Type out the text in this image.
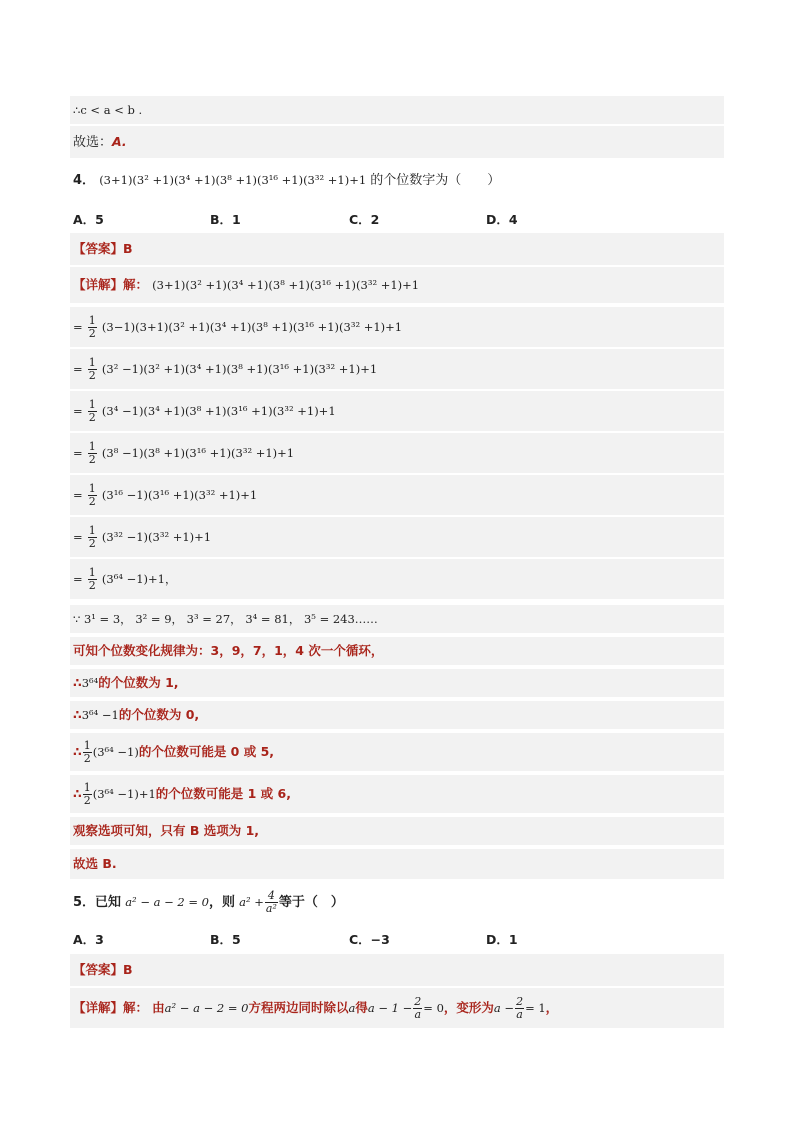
∴c < a < b .
故选：A.
4． (3+1)(3² +1)(3⁴ +1)(3⁸ +1)(3¹⁶ +1)(3³² +1)+1 的个位数字为（　　）
A．5	B．1	C．2	D．4
【答案】B
【详解】解： (3+1)(3² +1)(3⁴ +1)(3⁸ +1)(3¹⁶ +1)(3³² +1)+1
= $\frac{1}{2} (3-1)(3+1)(3^2 +1)(3^4 +1)(3^8 +1)(3^{16} +1)(3^{32} +1)+1$
= $\frac{1}{2} (3^2 -1)(3^2 +1)(3^4 +1)(3^8 +1)(3^{16} +1)(3^{32} +1)+1$
= $\frac{1}{2} (3^4 -1)(3^4 +1)(3^8 +1)(3^{16} +1)(3^{32} +1)+1$
= $\frac{1}{2} (3^8 -1)(3^8 +1)(3^{16} +1)(3^{32} +1)+1$
= $\frac{1}{2} (3^{16} -1)(3^{16} +1)(3^{32} +1)+1$
= $\frac{1}{2} (3^{32} -1)(3^{32} +1)+1$
= $\frac{1}{2} (3^{64} -1)+1$，
∵ 3¹ = 3， 3² = 9， 3³ = 27， 3⁴ = 81， 3⁵ = 243……
可知个位数变化规律为：3，9，7，1，4 次一个循环，
∴3⁶⁴的个位数为 1,
∴3⁶⁴ −1的个位数为 0,
∴ $\frac{1}{2} (3^{64} -1)$的个位数可能是 0 或 5,
∴ $\frac{1}{2} (3^{64} -1)+1$的个位数可能是 1 或 6,
观察选项可知，只有 B 选项为 1,
故选 B.
5．已知 a² − a − 2 = 0，则 $a^2 + \frac{4}{\text{a²}}$ 等于（　）
A．3	B．5	C．−3	D．1
【答案】B
【详解】解： 由a² − a − 2 = 0方程两边同时除以a得$a - 1 - \frac{2}{a} = 0$，变形为$a - \frac{2}{a} = 1$，
